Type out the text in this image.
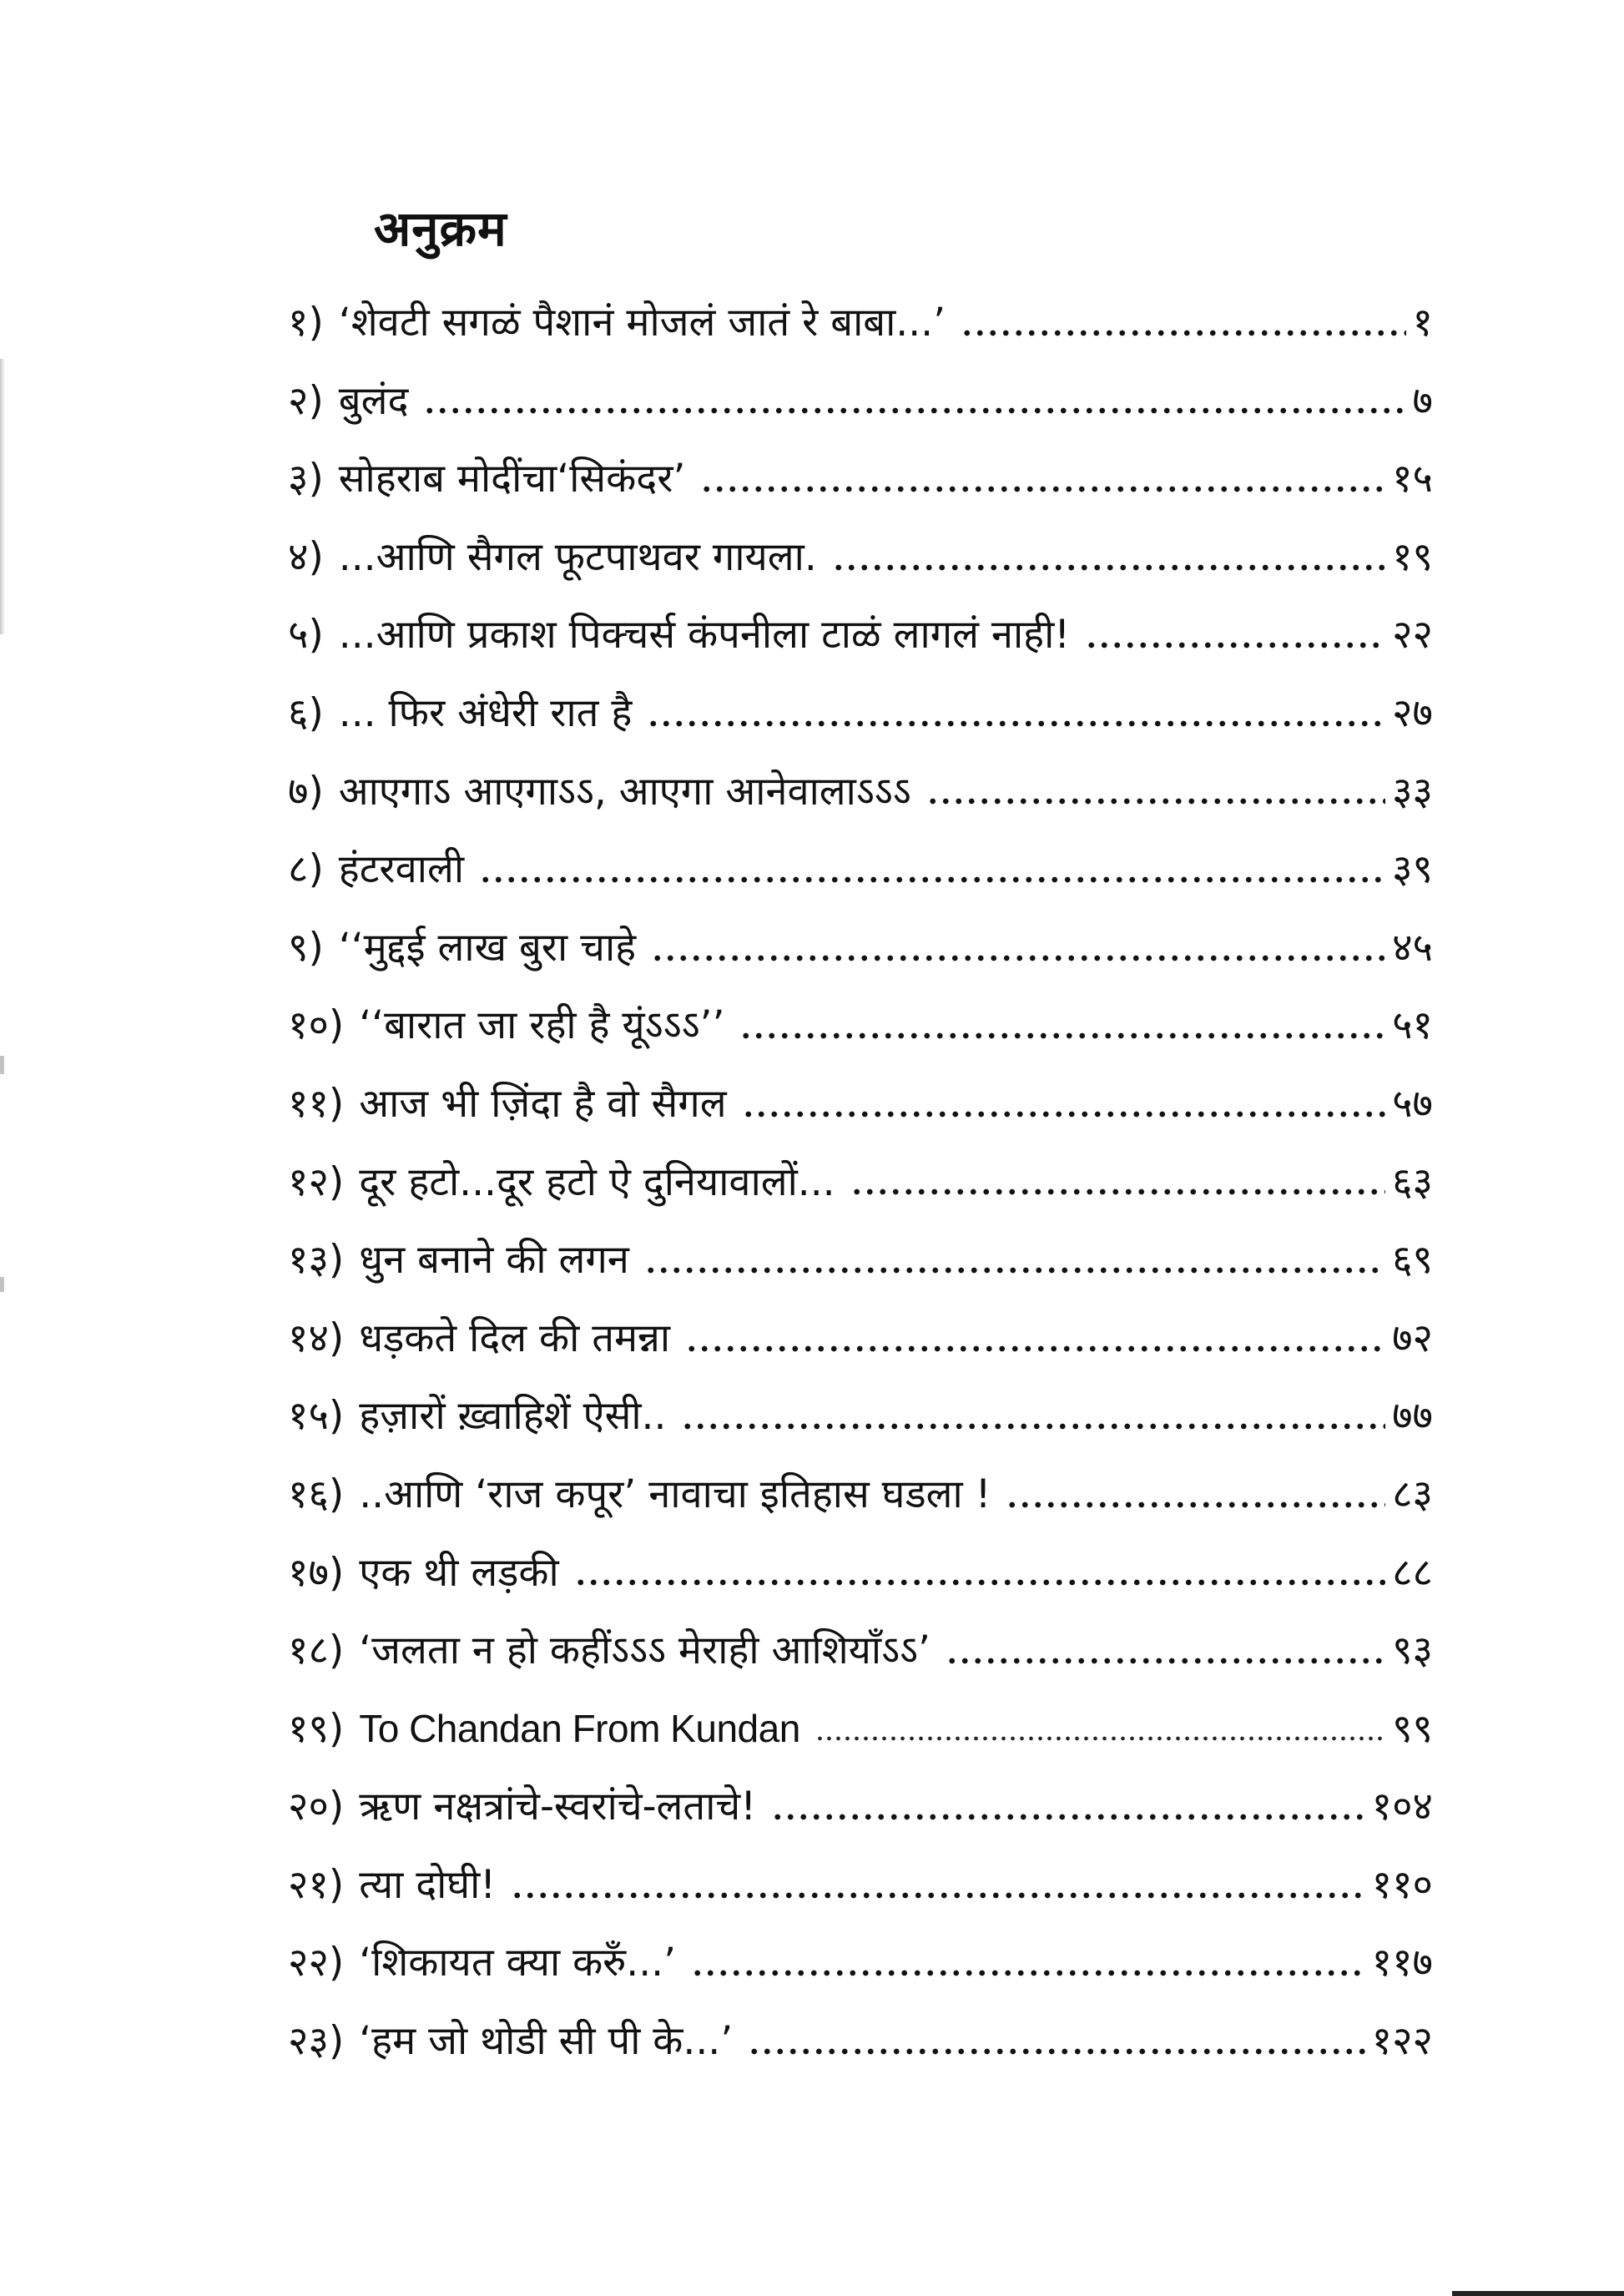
अनुक्रम
१) ‘शेवटी सगळं पैशानं मोजलं जातं रे बाबा...’	१
२) बुलंद	७
३) सोहराब मोदींचा‘सिकंदर’	१५
४) ...आणि सैगल फूटपाथवर गायला.	१९
५) ...आणि प्रकाश पिक्चर्स कंपनीला टाळं लागलं नाही!	२२
६) ... फिर अंधेरी रात है	२७
७) आएगाऽ आएगाऽऽ, आएगा आनेवालाऽऽऽ	३३
८) हंटरवाली	३९
९) ‘‘मुद्दई लाख बुरा चाहे	४५
१०) ‘‘बारात जा रही है यूंऽऽऽ’’	५१
११) आज भी ज़िंदा है वो सैगल	५७
१२) दूर हटो...दूर हटो ऐ दुनियावालों...	६३
१३) धुन बनाने की लगन	६९
१४) धड़कते दिल की तमन्ना	७२
१५) हज़ारों ख़्वाहिशें ऐसी..	७७
१६) ..आणि ‘राज कपूर’ नावाचा इतिहास घडला !	८३
१७) एक थी लड़की	८८
१८) ‘जलता न हो कहींऽऽऽ मेराही आशियाँऽऽ’	९३
१९) To Chandan From Kundan	९९
२०) ऋण नक्षत्रांचे-स्वरांचे-लताचे!	१०४
२१) त्या दोघी!	११०
२२) ‘शिकायत क्या करुँ...’	११७
२३) ‘हम जो थोडी सी पी के...’	१२२
